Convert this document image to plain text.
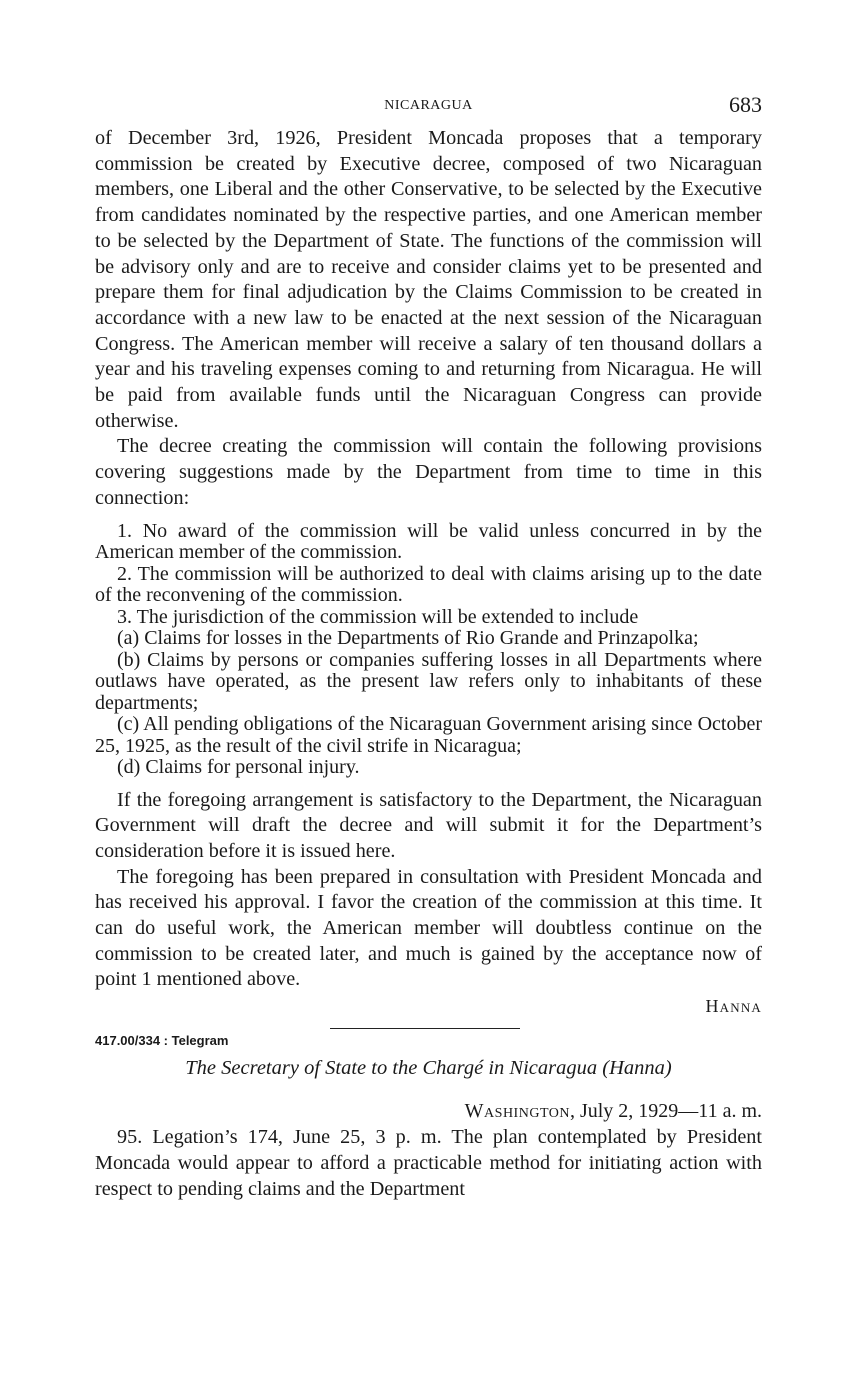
NICARAGUA	683

of December 3rd, 1926, President Moncada proposes that a temporary commission be created by Executive decree, composed of two Nicaraguan members, one Liberal and the other Conservative, to be selected by the Executive from candidates nominated by the respective parties, and one American member to be selected by the Department of State. The functions of the commission will be advisory only and are to receive and consider claims yet to be presented and prepare them for final adjudication by the Claims Commission to be created in accordance with a new law to be enacted at the next session of the Nicaraguan Congress. The American member will receive a salary of ten thousand dollars a year and his traveling expenses coming to and returning from Nicaragua. He will be paid from available funds until the Nicaraguan Congress can provide otherwise.

The decree creating the commission will contain the following provisions covering suggestions made by the Department from time to time in this connection:

1. No award of the commission will be valid unless concurred in by the American member of the commission.

2. The commission will be authorized to deal with claims arising up to the date of the reconvening of the commission.

3. The jurisdiction of the commission will be extended to include

(a) Claims for losses in the Departments of Rio Grande and Prinzapolka;

(b) Claims by persons or companies suffering losses in all Departments where outlaws have operated, as the present law refers only to inhabitants of these departments;

(c) All pending obligations of the Nicaraguan Government arising since October 25, 1925, as the result of the civil strife in Nicaragua;

(d) Claims for personal injury.

If the foregoing arrangement is satisfactory to the Department, the Nicaraguan Government will draft the decree and will submit it for the Department’s consideration before it is issued here.

The foregoing has been prepared in consultation with President Moncada and has received his approval. I favor the creation of the commission at this time. It can do useful work, the American member will doubtless continue on the commission to be created later, and much is gained by the acceptance now of point 1 mentioned above.

Hanna
417.00/334 : Telegram
The Secretary of State to the Chargé in Nicaragua (Hanna)
Washington, July 2, 1929—11 a. m.

95. Legation’s 174, June 25, 3 p. m. The plan contemplated by President Moncada would appear to afford a practicable method for initiating action with respect to pending claims and the Department
